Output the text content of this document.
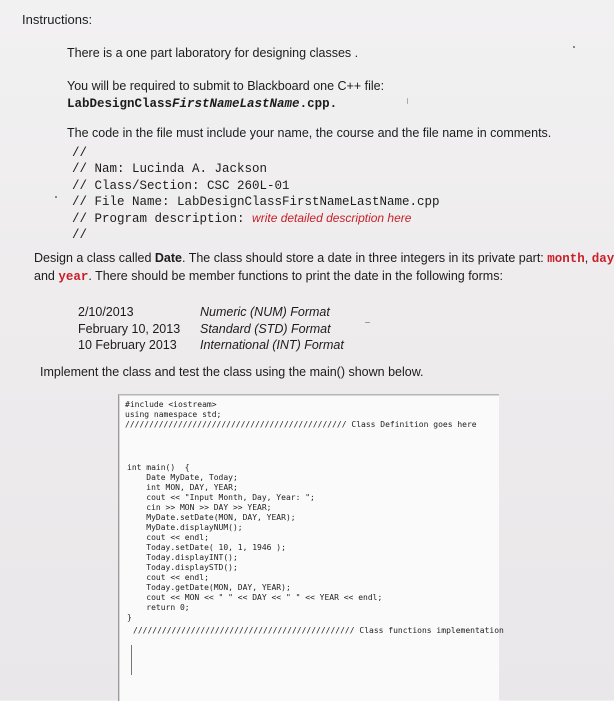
Instructions:
There is a one part laboratory for designing classes .
You will be required to submit to Blackboard one C++ file:
LabDesignClassFirstNameLastName.cpp.
The code in the file must include your name, the course and the file name in comments.
//
// Nam: Lucinda A. Jackson
// Class/Section: CSC 260L-01
// File Name: LabDesignClassFirstNameLastName.cpp
// Program description: write detailed description here
//
Design a class called Date. The class should store a date in three integers in its private part: month, day
and year. There should be member functions to print the date in the following forms:
2/10/2013
February 10, 2013
10 February 2013
Numeric (NUM) Format
Standard (STD) Format
International (INT) Format
Implement the class and test the class using the main() shown below.
#include <iostream>
using namespace std;
////////////////////////////////////////////// Class Definition goes here
int main()  {
Date MyDate, Today;
int MON, DAY, YEAR;
cout << "Input Month, Day, Year: ";
cin >> MON >> DAY >> YEAR;
MyDate.setDate(MON, DAY, YEAR);
MyDate.displayNUM();
cout << endl;
Today.setDate( 10, 1, 1946 );
Today.displayINT();
Today.displaySTD();
cout << endl;
Today.getDate(MON, DAY, YEAR);
cout << MON << " " << DAY << " " << YEAR << endl;
return 0;
}
////////////////////////////////////////////// Class functions implementation
